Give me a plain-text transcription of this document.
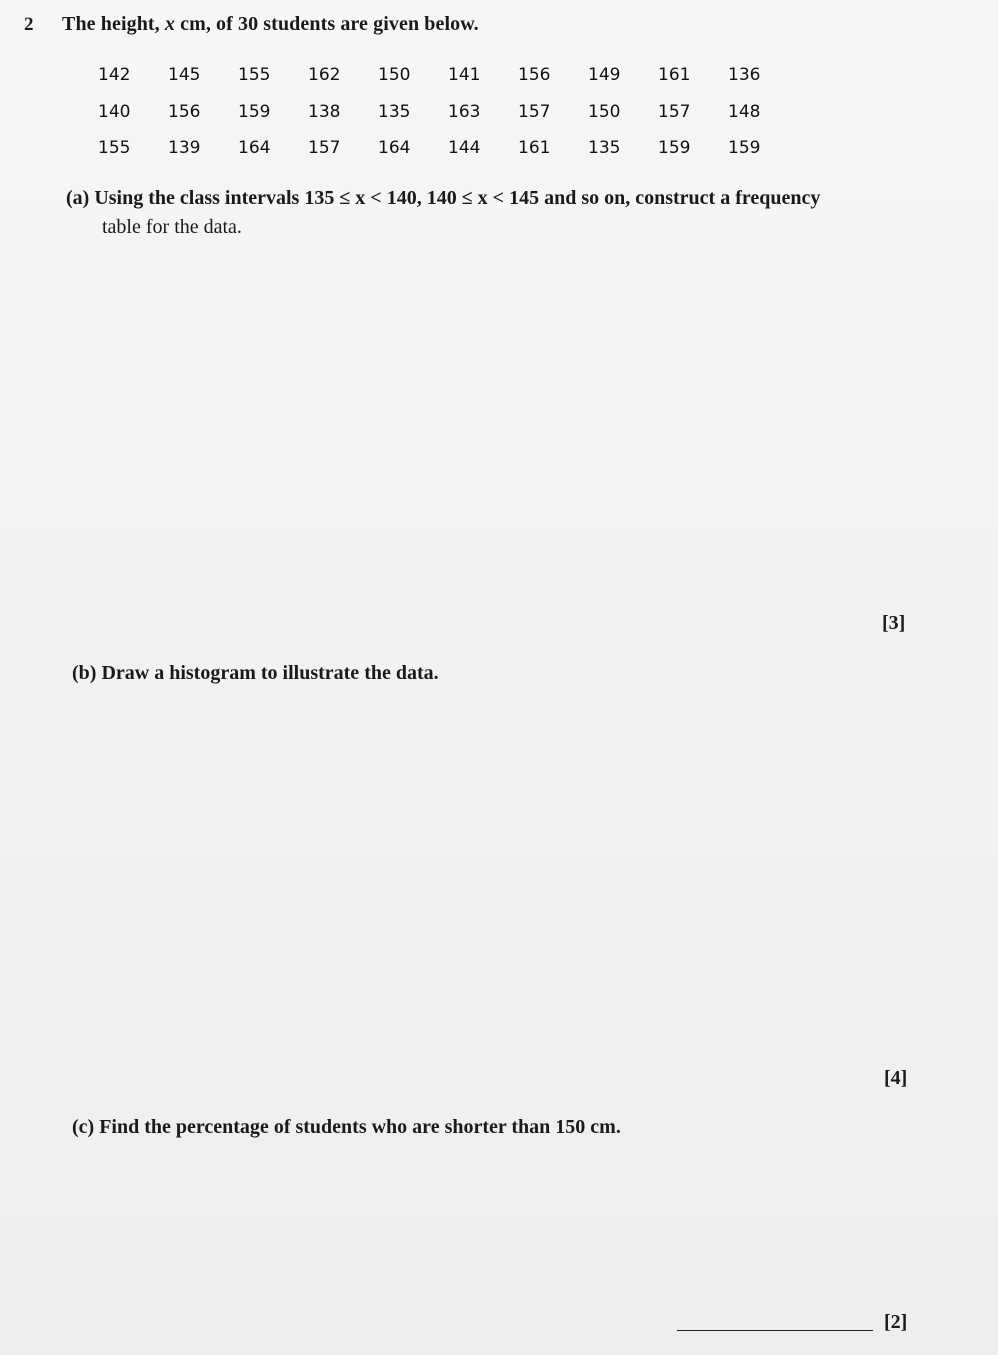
2 The height, x cm, of 30 students are given below.
142	145	155	162	150	141	156	149	161	136
140	156	159	138	135	163	157	150	157	148
155	139	164	157	164	144	161	135	159	159
(a) Using the class intervals 135 ≤ x < 140, 140 ≤ x < 145 and so on, construct a frequency
table for the data.
[3]
(b) Draw a histogram to illustrate the data.
[4]
(c) Find the percentage of students who are shorter than 150 cm.
[2]
